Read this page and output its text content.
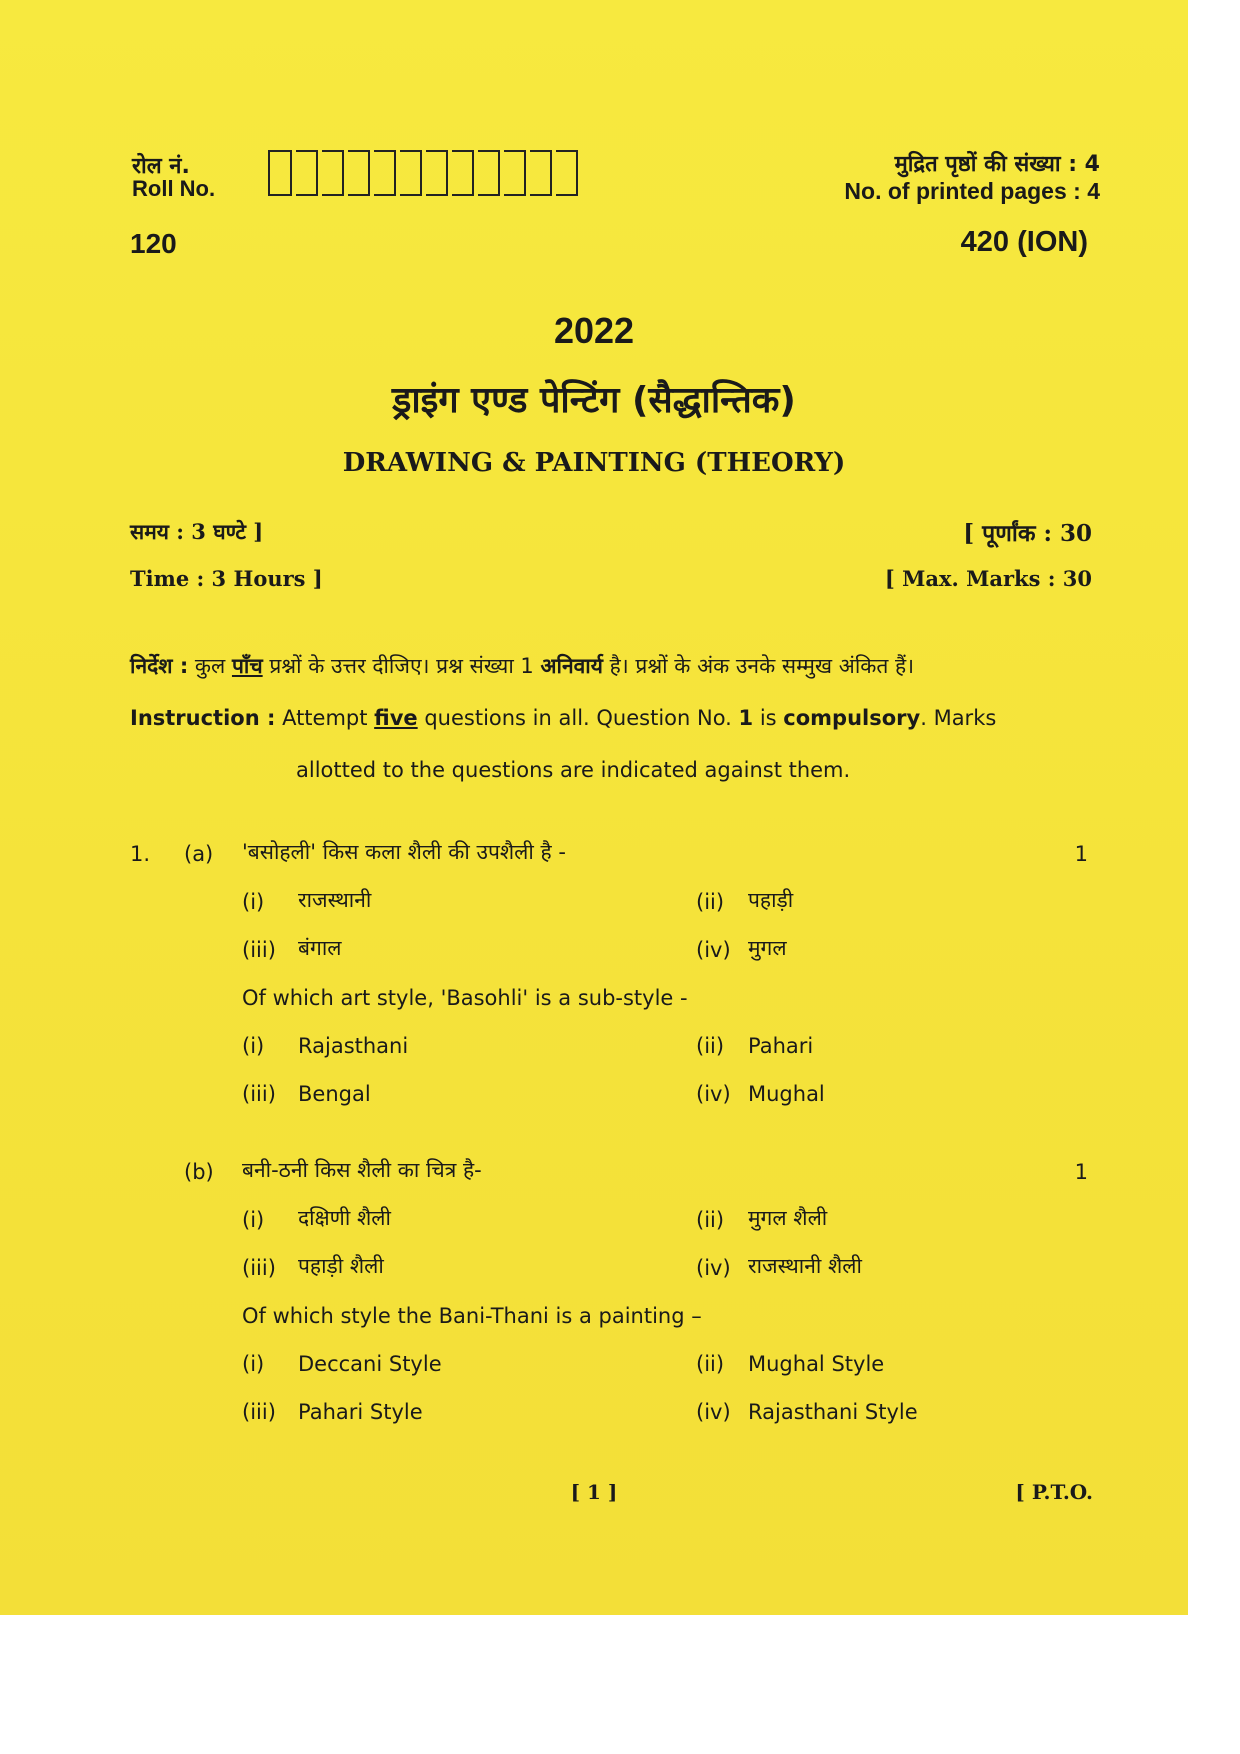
रोल नं.
Roll No.
मुद्रित पृष्ठों की संख्या : 4
No. of printed pages : 4
120	420 (ION)
2022
ड्राइंग एण्ड पेन्टिंग (सैद्धान्तिक)
DRAWING & PAINTING (THEORY)
समय : 3 घण्टे ]
Time : 3 Hours ]
[ पूर्णांक : 30
[ Max. Marks : 30
निर्देश : कुल पाँच प्रश्नों के उत्तर दीजिए। प्रश्न संख्या 1 अनिवार्य है। प्रश्नों के अंक उनके सम्मुख अंकित हैं।
Instruction : Attempt five questions in all. Question No. 1 is compulsory. Marks
allotted to the questions are indicated against them.
1. (a) 'बसोहली' किस कला शैली की उपशैली है -	1
(i) राजस्थानी	(ii) पहाड़ी
(iii) बंगाल	(iv) मुगल
Of which art style, 'Basohli' is a sub-style -
(i) Rajasthani	(ii) Pahari
(iii) Bengal	(iv) Mughal
(b) बनी-ठनी किस शैली का चित्र है-	1
(i) दक्षिणी शैली	(ii) मुगल शैली
(iii) पहाड़ी शैली	(iv) राजस्थानी शैली
Of which style the Bani-Thani is a painting –
(i) Deccani Style	(ii) Mughal Style
(iii) Pahari Style	(iv) Rajasthani Style
[ 1 ]	[ P.T.O.
